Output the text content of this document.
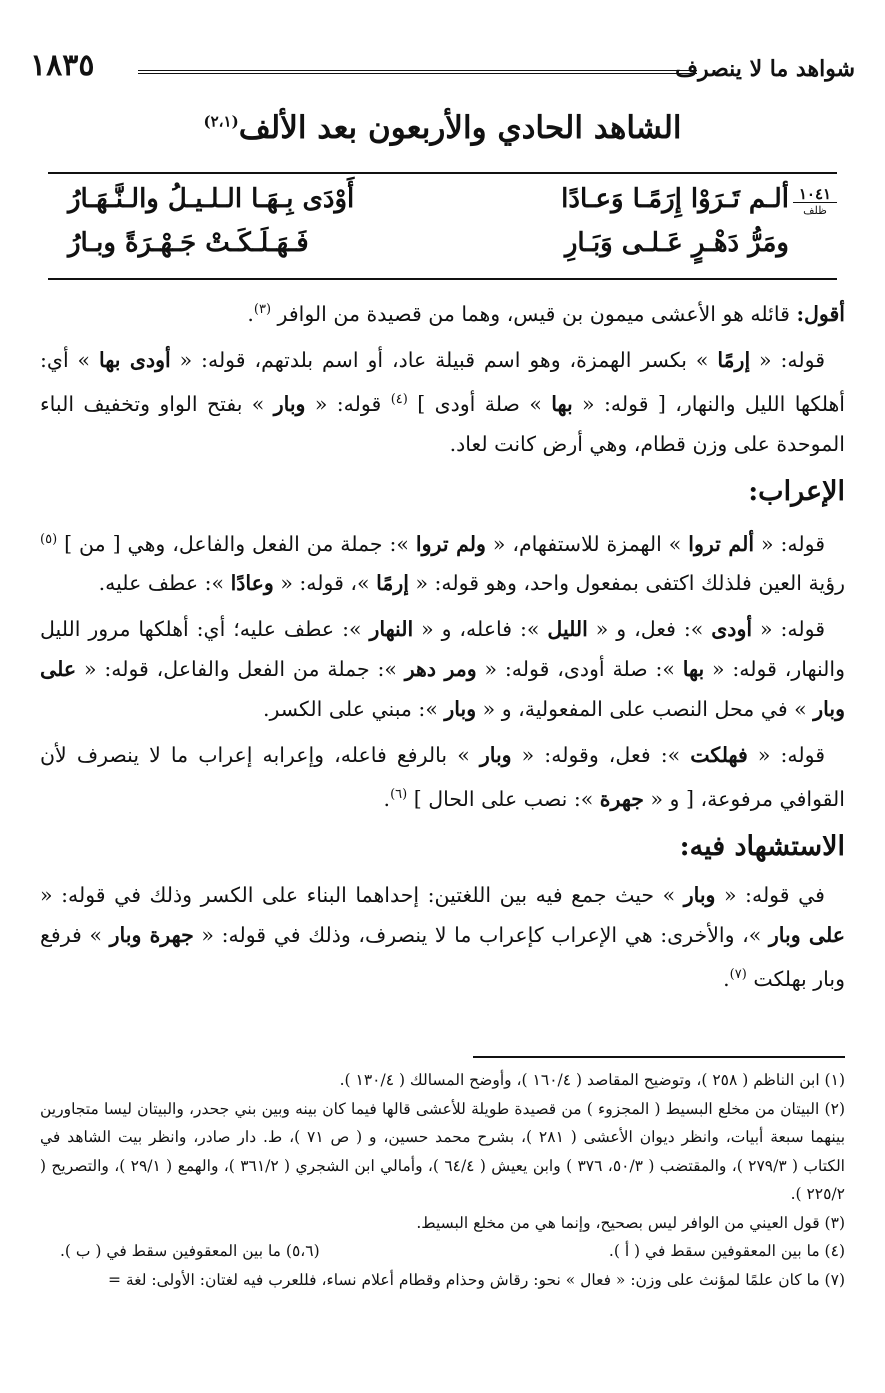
شواهد ما لا ينصرف
١٨٣٥
الشاهد الحادي والأربعون بعد الألف$^{(٢،١)}$
١٠٤١
ظلف
ألـم تَـرَوْا إِرَمًـا وَعـادًا
أَوْدَى بِـهَـا الـلـيـلُ والـنَّـهَـارُ
ومَرُّ دَهْـرٍ عَـلـى وَبَـارِ
فَـهَـلَـكَـتْ جَـهْـرَةً وبـارُ

أقول: قائله هو الأعشى ميمون بن قيس، وهما من قصيدة من الوافر $^{(٣)}$.

قوله: « إرمًا » بكسر الهمزة، وهو اسم قبيلة عاد، أو اسم بلدتهم، قوله: « أودى بها » أي: أهلكها الليل والنهار، [ قوله: « بها » صلة أودى ] $^{(٤)}$ قوله: « وبار » بفتح الواو وتخفيف الباء الموحدة على وزن قطام، وهي أرض كانت لعاد.

الإعراب:

قوله: « ألم تروا » الهمزة للاستفهام، « ولم تروا »: جملة من الفعل والفاعل، وهي [ من ] $^{(٥)}$ رؤية العين فلذلك اكتفى بمفعول واحد، وهو قوله: « إرمًا »، قوله: « وعادًا »: عطف عليه.

قوله: « أودى »: فعل، و « الليل »: فاعله، و « النهار »: عطف عليه؛ أي: أهلكها مرور الليل والنهار، قوله: « بها »: صلة أودى، قوله: « ومر دهر »: جملة من الفعل والفاعل، قوله: « على وبار » في محل النصب على المفعولية، و « وبار »: مبني على الكسر.

قوله: « فهلكت »: فعل، وقوله: « وبار » بالرفع فاعله، وإعرابه إعراب ما لا ينصرف لأن القوافي مرفوعة، [ و « جهرة »: نصب على الحال ] $^{(٦)}$.

الاستشهاد فيه:

في قوله: « وبار » حيث جمع فيه بين اللغتين: إحداهما البناء على الكسر وذلك في قوله: « على وبار »، والأخرى: هي الإعراب كإعراب ما لا ينصرف، وذلك في قوله: « جهرة وبار » فرفع وبار بهلكت $^{(٧)}$.

(١) ابن الناظم ( ٢٥٨ )، وتوضيح المقاصد ( ١٦٠/٤ )، وأوضح المسالك ( ١٣٠/٤ ).

(٢) البيتان من مخلع البسيط ( المجزوء ) من قصيدة طويلة للأعشى قالها فيما كان بينه وبين بني جحدر، والبيتان ليسا متجاورين بينهما سبعة أبيات، وانظر ديوان الأعشى ( ٢٨١ )، بشرح محمد حسين، و ( ص ٧١ )، ط. دار صادر، وانظر بيت الشاهد في الكتاب ( ٢٧٩/٣ )، والمقتضب ( ٥٠/٣، ٣٧٦ ) وابن يعيش ( ٦٤/٤ )، وأمالي ابن الشجري ( ٣٦١/٢ )، والهمع ( ٢٩/١ )، والتصريح ( ٢٢٥/٢ ).

(٣) قول العيني من الوافر ليس بصحيح، وإنما هي من مخلع البسيط.

(٤) ما بين المعقوفين سقط في ( أ ).
(٥،٦) ما بين المعقوفين سقط في ( ب ).

(٧) ما كان علمًا لمؤنث على وزن: « فعال » نحو: رقاش وحذام وقطام أعلام نساء، فللعرب فيه لغتان: الأولى: لغة =
